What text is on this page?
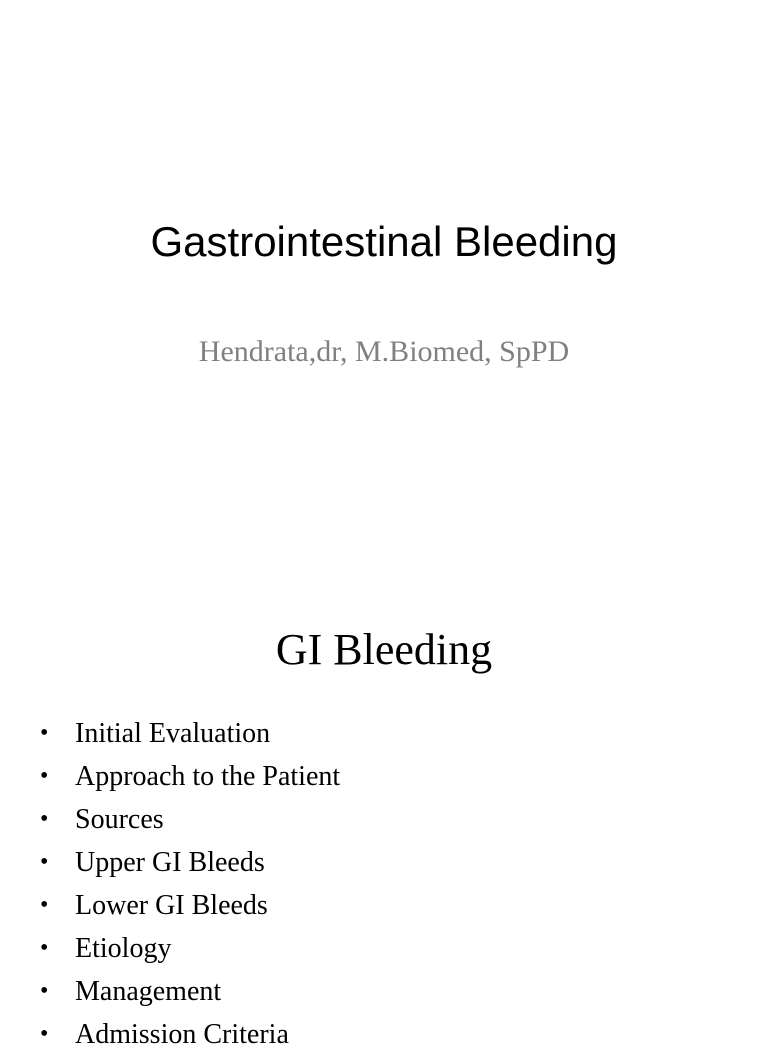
Gastrointestinal Bleeding

Hendrata,dr, M.Biomed, SpPD

GI Bleeding
• Initial Evaluation
• Approach to the Patient
• Sources
• Upper GI Bleeds
• Lower GI Bleeds
• Etiology
• Management
• Admission Criteria
